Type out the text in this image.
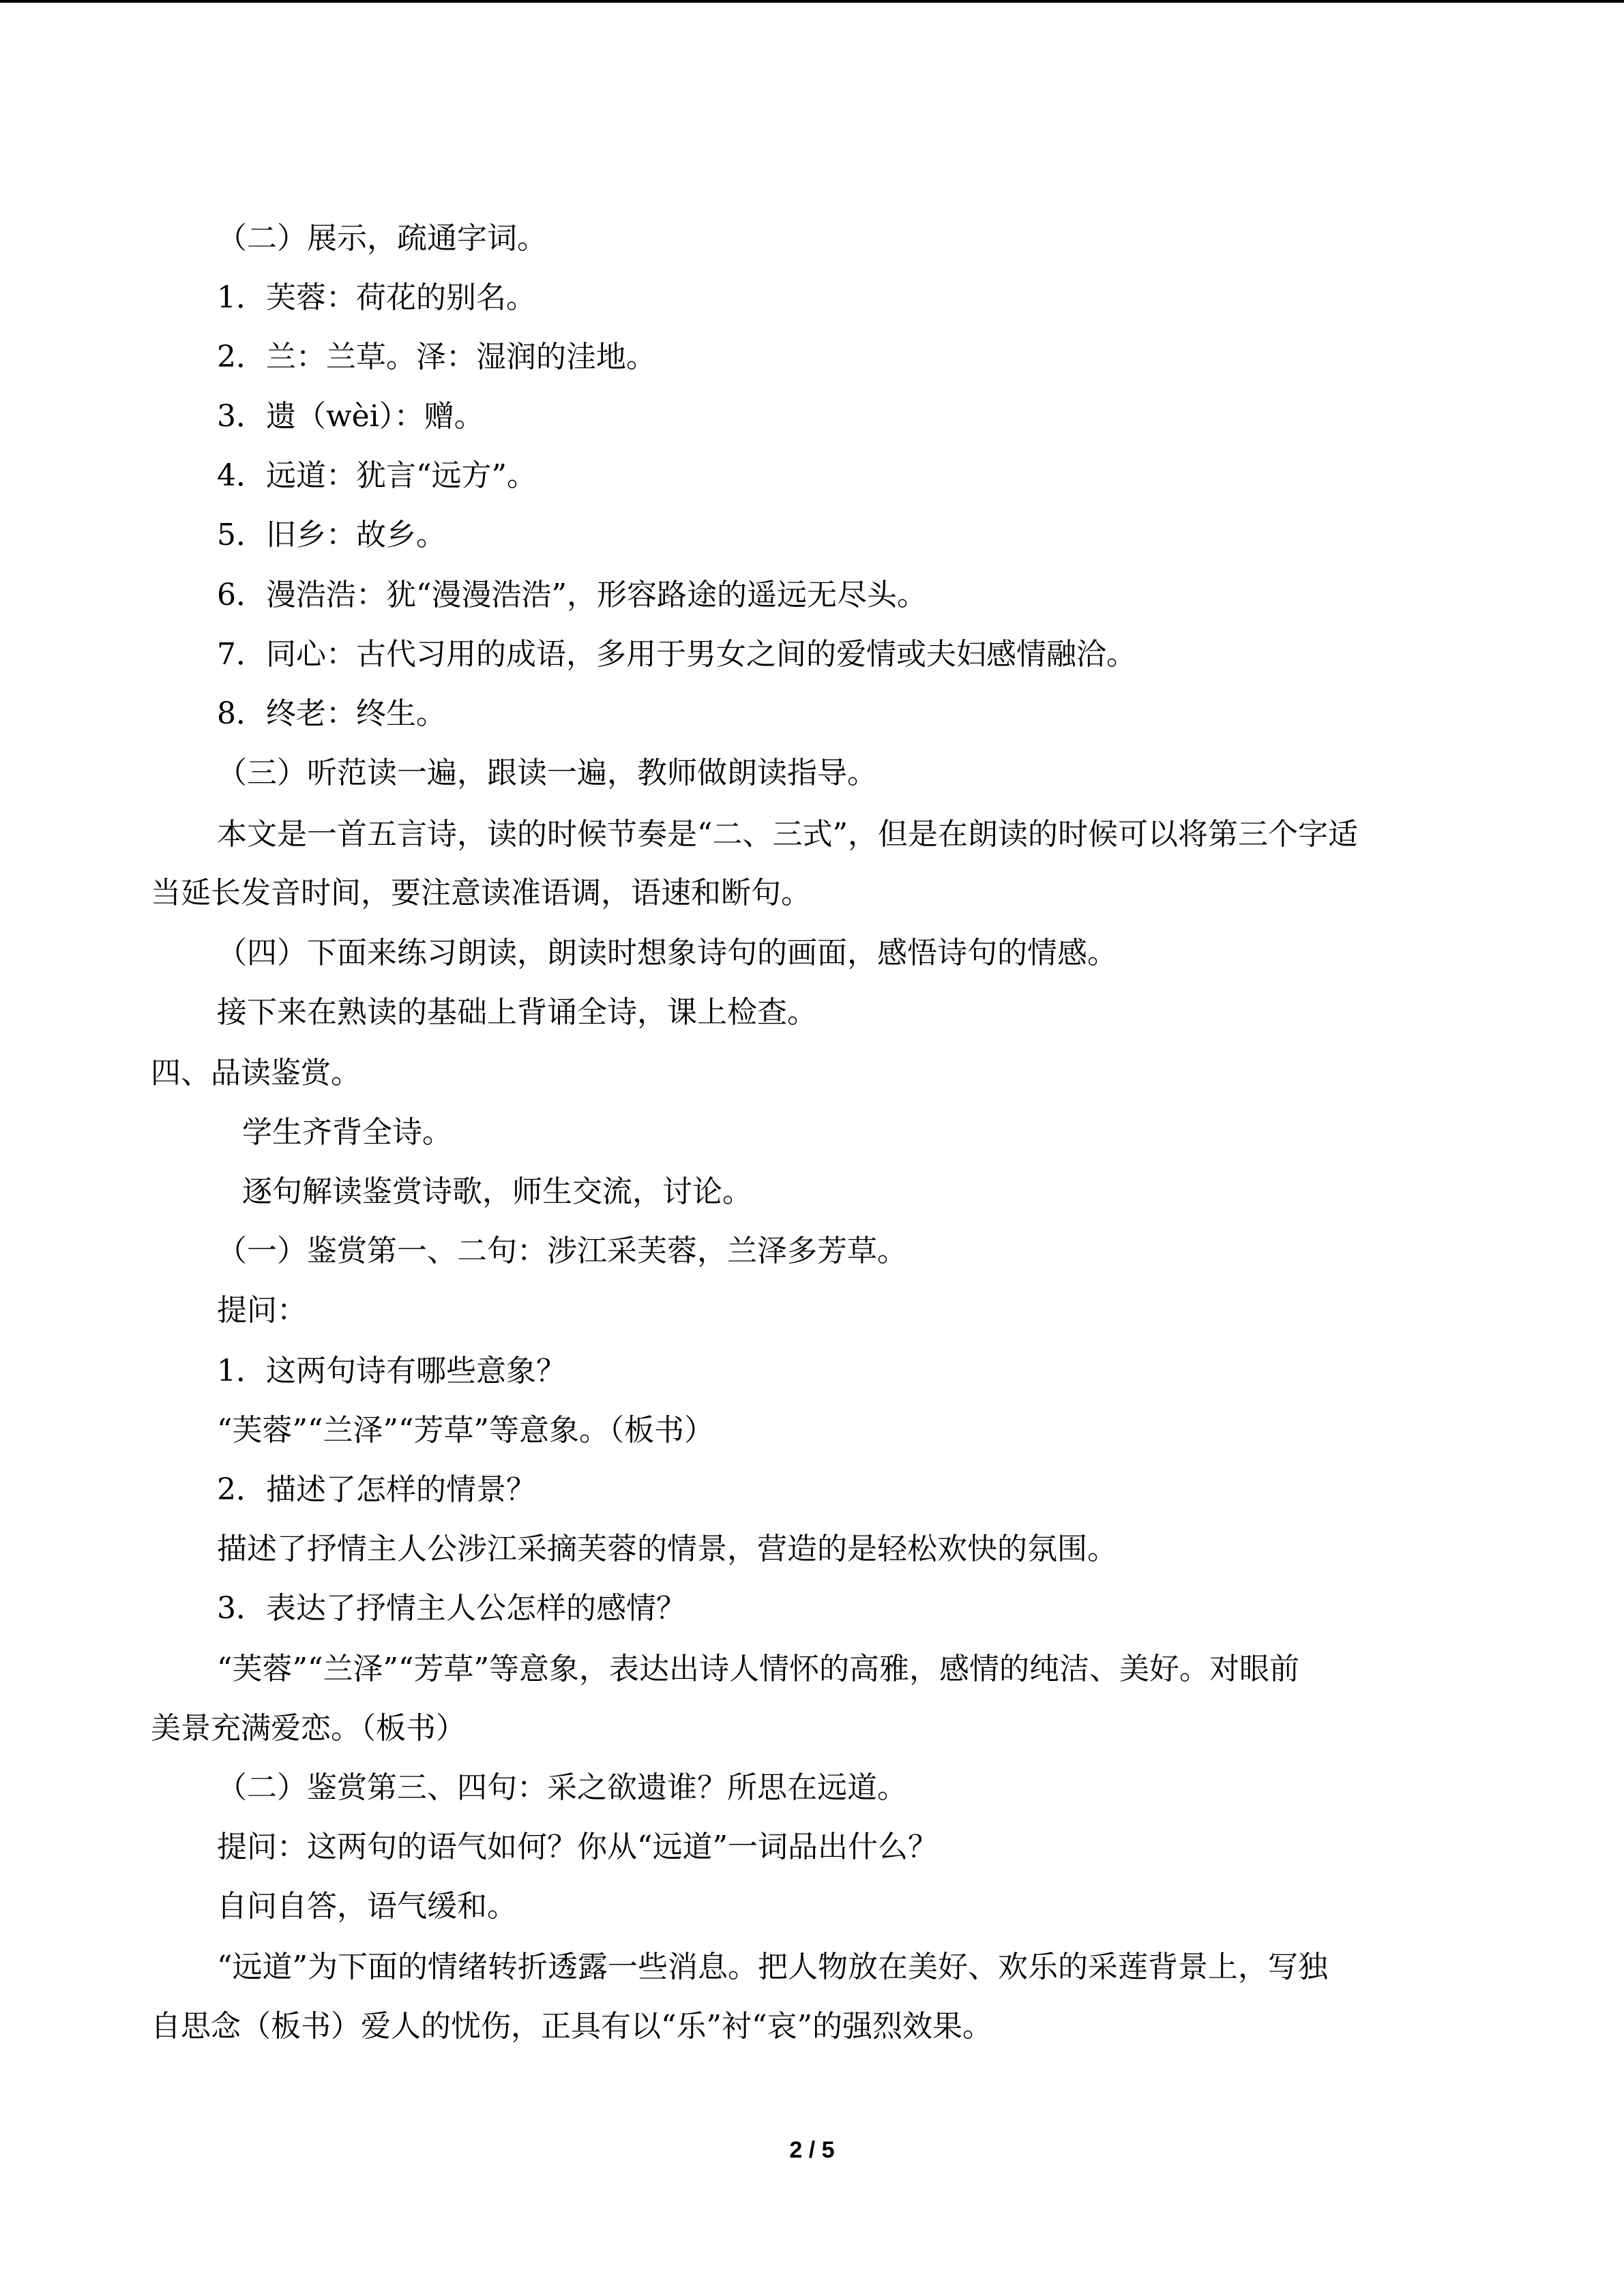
（二）展示，疏通字词。
1．芙蓉：荷花的别名。
2．兰：兰草。泽：湿润的洼地。
3．遗（wèi）：赠。
4．远道：犹言“远方”。
5．旧乡：故乡。
6．漫浩浩：犹“漫漫浩浩”，形容路途的遥远无尽头。
7．同心：古代习用的成语，多用于男女之间的爱情或夫妇感情融洽。
8．终老：终生。
（三）听范读一遍，跟读一遍，教师做朗读指导。
本文是一首五言诗，读的时候节奏是“二、三式”，但是在朗读的时候可以将第三个字适
当延长发音时间，要注意读准语调，语速和断句。
（四）下面来练习朗读，朗读时想象诗句的画面，感悟诗句的情感。
接下来在熟读的基础上背诵全诗，课上检查。
四、品读鉴赏。
学生齐背全诗。
逐句解读鉴赏诗歌，师生交流，讨论。
（一）鉴赏第一、二句：涉江采芙蓉，兰泽多芳草。
提问：
1．这两句诗有哪些意象？
“芙蓉”“兰泽”“芳草”等意象。（板书）
2．描述了怎样的情景？
描述了抒情主人公涉江采摘芙蓉的情景，营造的是轻松欢快的氛围。
3．表达了抒情主人公怎样的感情？
“芙蓉”“兰泽”“芳草”等意象，表达出诗人情怀的高雅，感情的纯洁、美好。对眼前
美景充满爱恋。（板书）
（二）鉴赏第三、四句：采之欲遗谁？所思在远道。
提问：这两句的语气如何？你从“远道”一词品出什么？
自问自答，语气缓和。
“远道”为下面的情绪转折透露一些消息。把人物放在美好、欢乐的采莲背景上，写独
自思念（板书）爱人的忧伤，正具有以“乐”衬“哀”的强烈效果。
2 / 5
